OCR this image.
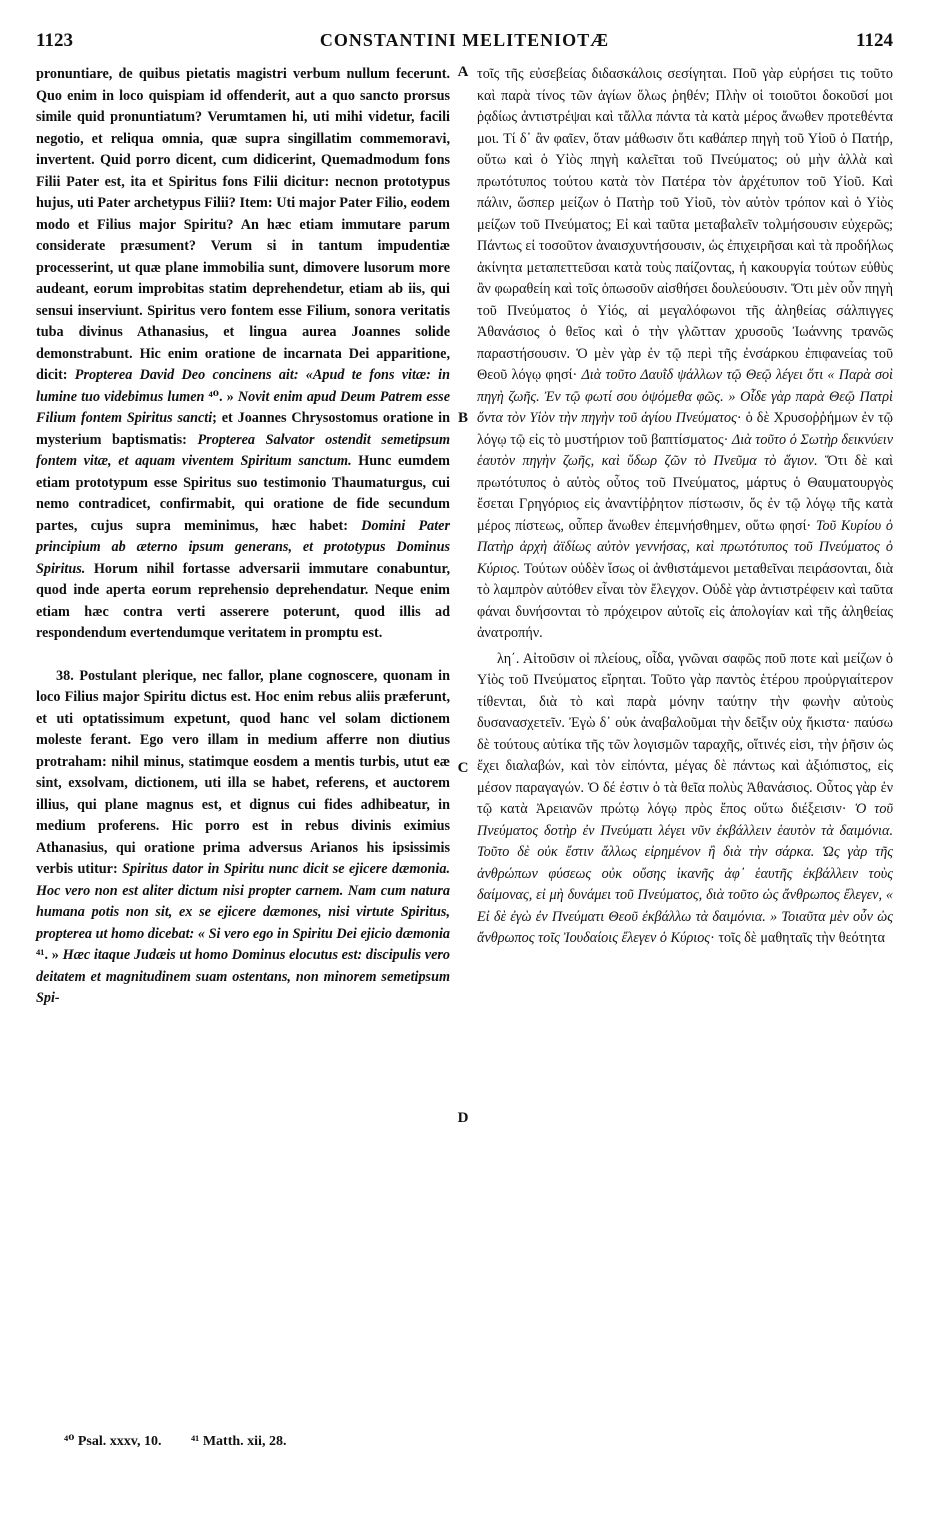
1123	CONSTANTINI MELITENIOTÆ	1124

pronuntiare, de quibus pietatis magistri verbum nullum fecerunt. Quo enim in loco quispiam id offenderit, aut a quo sancto prorsus simile quid pronuntiatum? Verumtamen hi, uti mihi videtur, facili negotio, et reliqua omnia, quæ supra singillatim commemoravi, invertent. Quid porro dicent, cum didicerint, Quemadmodum fons Filii Pater est, ita et Spiritus fons Filii dicitur: necnon prototypus hujus, uti Pater archetypus Filii? Item: Uti major Pater Filio, eodem modo et Filius major Spiritu? An hæc etiam immutare parum considerate præsument? Verum si in tantum impudentiæ processerint, ut quæ plane immobilia sunt, dimovere lusorum more audeant, eorum improbitas statim deprehendetur, etiam ab iis, qui sensui inserviunt. Spiritus vero fontem esse Filium, sonora veritatis tuba divinus Athanasius, et lingua aurea Joannes solide demonstrabunt. Hic enim oratione de incarnata Dei apparitione, dicit: Propterea David Deo concinens ait: «Apud te fons vitæ: in lumine tuo videbimus lumen ⁴⁰. » Novit enim apud Deum Patrem esse Filium fontem Spiritus sancti; et Joannes Chrysostomus oratione in mysterium baptismatis: Propterea Salvator ostendit semetipsum fontem vitæ, et aquam viventem Spiritum sanctum. Hunc eumdem etiam prototypum esse Spiritus suo testimonio Thaumaturgus, cui nemo contradicet, confirmabit, qui oratione de fide secundum partes, cujus supra meminimus, hæc habet: Domini Pater principium ab æterno ipsum generans, et prototypus Dominus Spiritus. Horum nihil fortasse adversarii immutare conabuntur, quod inde aperta eorum reprehensio deprehendatur. Neque enim etiam hæc contra verti asserere poterunt, quod illis ad respondendum evertendumque veritatem in promptu est.

38. Postulant plerique, nec fallor, plane cognoscere, quonam in loco Filius major Spiritu dictus est. Hoc enim rebus aliis præferunt, et uti optatissimum expetunt, quod hanc vel solam dictionem moleste ferant. Ego vero illam in medium afferre non diutius protraham: nihil minus, statimque eosdem a mentis turbis, utut eæ sint, exsolvam, dictionem, uti illa se habet, referens, et auctorem illius, qui plane magnus est, et dignus cui fides adhibeatur, in medium proferens. Hic porro est in rebus divinis eximius Athanasius, qui oratione prima adversus Arianos his ipsissimis verbis utitur: Spiritus dator in Spiritu nunc dicit se ejicere dæmonia. Hoc vero non est aliter dictum nisi propter carnem. Nam cum natura humana potis non sit, ex se ejicere dæmones, nisi virtute Spiritus, propterea ut homo dicebat: « Si vero ego in Spiritu Dei ejicio dæmonia ⁴¹. » Hæc itaque Judæis ut homo Dominus elocutus est: discipulis vero deitatem et magnitudinem suam ostentans, non minorem semetipsum Spi-

A
B
C
D

τοῖς τῆς εὐσεβείας διδασκάλοις σεσίγηται. Ποῦ γὰρ εὑρήσει τις τοῦτο καὶ παρὰ τίνος τῶν ἁγίων ὅλως ῥηθέν; Πλὴν οἱ τοιοῦτοι δοκοῦσί μοι ῥᾳδίως ἀντιστρέψαι καὶ τἄλλα πάντα τὰ κατὰ μέρος ἄνωθεν προτεθέντα μοι. Τί δ᾽ ἂν φαῖεν, ὅταν μάθωσιν ὅτι καθάπερ πηγὴ τοῦ Υἱοῦ ὁ Πατήρ, οὕτω καὶ ὁ Υἱὸς πηγὴ καλεῖται τοῦ Πνεύματος; οὐ μὴν ἀλλὰ καὶ πρωτότυπος τούτου κατὰ τὸν Πατέρα τὸν ἀρχέτυπον τοῦ Υἱοῦ. Καὶ πάλιν, ὥσπερ μείζων ὁ Πατὴρ τοῦ Υἱοῦ, τὸν αὐτὸν τρόπον καὶ ὁ Υἱὸς μείζων τοῦ Πνεύματος; Εἰ καὶ ταῦτα μεταβαλεῖν τολμήσουσιν εὐχερῶς; Πάντως εἰ τοσοῦτον ἀναισχυντήσουσιν, ὡς ἐπιχειρῆσαι καὶ τὰ προδήλως ἀκίνητα μεταπεττεῦσαι κατὰ τοὺς παίζοντας, ἡ κακουργία τούτων εὐθὺς ἂν φωραθείη καὶ τοῖς ὁπωσοῦν αἰσθήσει δουλεύουσιν. Ὅτι μὲν οὖν πηγὴ τοῦ Πνεύματος ὁ Υἱός, αἱ μεγαλόφωνοι τῆς ἀληθείας σάλπιγγες Ἀθανάσιος ὁ θεῖος καὶ ὁ τὴν γλῶτταν χρυσοῦς Ἰωάννης τρανῶς παραστήσουσιν. Ὁ μὲν γὰρ ἐν τῷ περὶ τῆς ἐνσάρκου ἐπιφανείας τοῦ Θεοῦ λόγῳ φησί· Διὰ τοῦτο Δαυῒδ ψάλλων τῷ Θεῷ λέγει ὅτι « Παρὰ σοὶ πηγὴ ζωῆς. Ἐν τῷ φωτί σου ὀψόμεθα φῶς. » Οἶδε γὰρ παρὰ Θεῷ Πατρὶ ὄντα τὸν Υἱὸν τὴν πηγὴν τοῦ ἁγίου Πνεύματος· ὁ δὲ Χρυσοῤῥήμων ἐν τῷ λόγῳ τῷ εἰς τὸ μυστήριον τοῦ βαπτίσματος· Διὰ τοῦτο ὁ Σωτὴρ δεικνύειν ἑαυτὸν πηγὴν ζωῆς, καὶ ὕδωρ ζῶν τὸ Πνεῦμα τὸ ἅγιον. Ὅτι δὲ καὶ πρωτότυπος ὁ αὐτὸς οὗτος τοῦ Πνεύματος, μάρτυς ὁ Θαυματουργὸς ἔσεται Γρηγόριος εἰς ἀναντίῤῥητον πίστωσιν, ὅς ἐν τῷ λόγῳ τῆς κατὰ μέρος πίστεως, οὗπερ ἄνωθεν ἐπεμνήσθημεν, οὕτω φησί· Τοῦ Κυρίου ὁ Πατὴρ ἀρχὴ ἀϊδίως αὐτὸν γεννήσας, καὶ πρωτότυπος τοῦ Πνεύματος ὁ Κύριος. Τούτων οὐδὲν ἴσως οἱ ἀνθιστάμενοι μεταθεῖναι πειράσονται, διὰ τὸ λαμπρὸν αὐτόθεν εἶναι τὸν ἔλεγχον. Οὐδὲ γὰρ ἀντιστρέφειν καὶ ταῦτα φάναι δυνήσονται τὸ πρόχειρον αὐτοῖς εἰς ἀπολογίαν καὶ τῆς ἀληθείας ἀνατροπήν.

λη΄. Αἰτοῦσιν οἱ πλείους, οἶδα, γνῶναι σαφῶς ποῦ ποτε καὶ μείζων ὁ Υἱὸς τοῦ Πνεύματος εἴρηται. Τοῦτο γὰρ παντὸς ἑτέρου προὐργιαίτερον τίθενται, διὰ τὸ καὶ παρὰ μόνην ταύτην τὴν φωνὴν αὐτοὺς δυσανασχετεῖν. Ἐγὼ δ᾽ οὐκ ἀναβαλοῦμαι τὴν δεῖξιν οὐχ ἥκιστα· παύσω δὲ τούτους αὐτίκα τῆς τῶν λογισμῶν ταραχῆς, οἵτινές εἰσι, τὴν ῥῆσιν ὡς ἔχει διαλαβών, καὶ τὸν εἰπόντα, μέγας δὲ πάντως καὶ ἀξιόπιστος, εἰς μέσον παραγαγών. Ὁ δέ ἐστιν ὁ τὰ θεῖα πολὺς Ἀθανάσιος. Οὗτος γὰρ ἐν τῷ κατὰ Ἀρειανῶν πρώτῳ λόγῳ πρὸς ἔπος οὕτω διέξεισιν· Ὁ τοῦ Πνεύματος δοτὴρ ἐν Πνεύματι λέγει νῦν ἐκβάλλειν ἑαυτὸν τὰ δαιμόνια. Τοῦτο δὲ οὐκ ἔστιν ἄλλως εἰρημένον ἢ διὰ τὴν σάρκα. Ὡς γὰρ τῆς ἀνθρώπων φύσεως οὐκ οὔσης ἱκανῆς ἀφ᾽ ἑαυτῆς ἐκβάλλειν τοὺς δαίμονας, εἰ μὴ δυνάμει τοῦ Πνεύματος, διὰ τοῦτο ὡς ἄνθρωπος ἔλεγεν, « Εἰ δὲ ἐγὼ ἐν Πνεύματι Θεοῦ ἐκβάλλω τὰ δαιμόνια. » Τοιαῦτα μὲν οὖν ὡς ἄνθρωπος τοῖς Ἰουδαίοις ἔλεγεν ὁ Κύριος· τοῖς δὲ μαθηταῖς τὴν θεότητα

⁴⁰ Psal. xxxv, 10. ⁴¹ Matth. xii, 28.
